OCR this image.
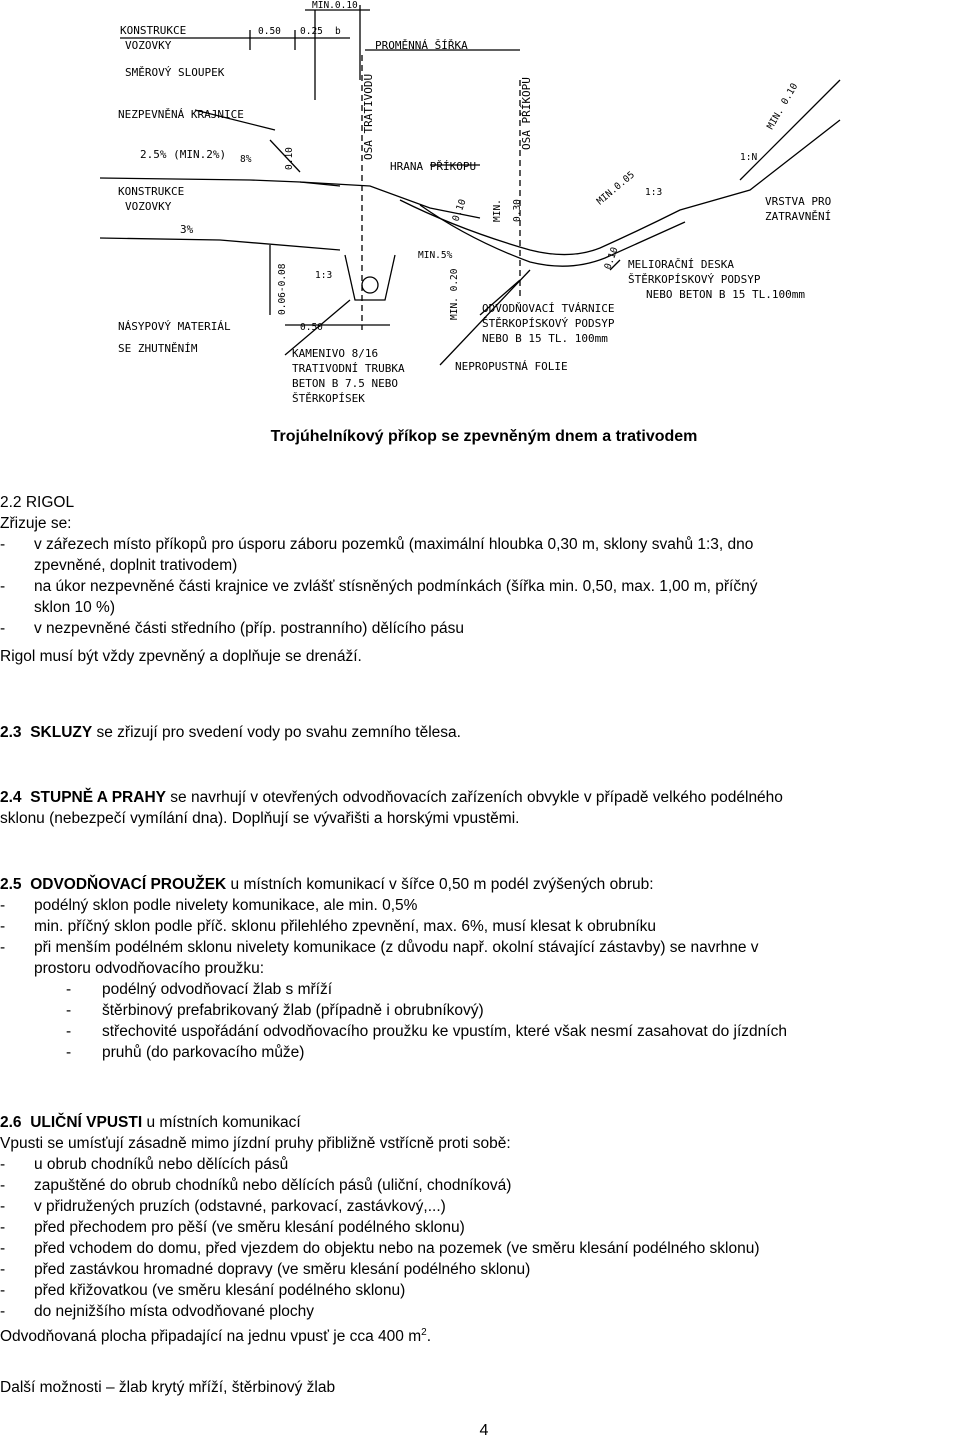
KONSTRUKCE
VOZOVKY
0.50 0.25 b
MIN.0.10
PROMĚNNÁ ŠÍŘKA
SMĚROVÝ SLOUPEK
OSA TRATIVODU	OSA PŘÍKOPU
NEZPEVNĚNÁ KRAJNICE
2.5% (MIN.2%) 8%	0.10	HRANA PŘÍKOPU
MIN. 0.10
KONSTRUKCE
VOZOVKY
3%
1:N
0.10 MIN. 0.30
MIN.0.05 1:3
VRSTVA PRO
ZATRAVNĚNÍ
0.06-0.08	1:3
MIN.5%	0.10 MELIORAČNÍ DESKA
ŠTĚRKOPÍSKOVÝ PODSYP
NEBO BETON B 15 TL.100mm
MIN. 0.20
NÁSYPOVÝ MATERIÁL
SE ZHUTNĚNÍM
0.50
ODVODŇOVACÍ TVÁRNICE
ŠTĚRKOPÍSKOVÝ PODSYP
NEBO B 15 TL. 100mm
KAMENIVO 8/16
TRATIVODNÍ TRUBKA
BETON B 7.5 NEBO
ŠTĚRKOPÍSEK
NEPROPUSTNÁ FOLIE
Trojúhelníkový příkop se zpevněným dnem a trativodem
2.2 RIGOL
Zřizuje se:
- v zářezech místo příkopů pro úsporu záboru pozemků (maximální hloubka 0,30 m, sklony svahů 1:3, dno
zpevněné, doplnit trativodem)
- na úkor nezpevněné části krajnice ve zvlášť stísněných podmínkách (šířka min. 0,50, max. 1,00 m, příčný
sklon 10 %)
- v nezpevněné části středního (příp. postranního) dělícího pásu
Rigol musí být vždy zpevněný a doplňuje se drenáží.
2.3 SKLUZY se zřizují pro svedení vody po svahu zemního tělesa.
2.4 STUPNĚ A PRAHY se navrhují v otevřených odvodňovacích zařízeních obvykle v případě velkého podélného
sklonu (nebezpečí vymílání dna). Doplňují se vývařišti a horskými vpustěmi.
2.5 ODVODŇOVACÍ PROUŽEK u místních komunikací v šířce 0,50 m podél zvýšených obrub:
- podélný sklon podle nivelety komunikace, ale min. 0,5%
- min. příčný sklon podle příč. sklonu přilehlého zpevnění, max. 6%, musí klesat k obrubníku
- při menším podélném sklonu nivelety komunikace (z důvodu např. okolní stávající zástavby) se navrhne v
prostoru odvodňovacího proužku:
- podélný odvodňovací žlab s mříží
- štěrbinový prefabrikovaný žlab (případně i obrubníkový)
- střechovité uspořádání odvodňovacího proužku ke vpustím, které však nesmí zasahovat do jízdních
- pruhů (do parkovacího může)
2.6 ULIČNÍ VPUSTI u místních komunikací
Vpusti se umísťují zásadně mimo jízdní pruhy přibližně vstřícně proti sobě:
- u obrub chodníků nebo dělících pásů
- zapuštěné do obrub chodníků nebo dělících pásů (uliční, chodníková)
- v přidružených pruzích (odstavné, parkovací, zastávkový,...)
- před přechodem pro pěší (ve směru klesání podélného sklonu)
- před vchodem do domu, před vjezdem do objektu nebo na pozemek (ve směru klesání podélného sklonu)
- před zastávkou hromadné dopravy (ve směru klesání podélného sklonu)
- před křižovatkou (ve směru klesání podélného sklonu)
- do nejnižšího místa odvodňované plochy
Odvodňovaná plocha připadající na jednu vpusť je cca 400 $m^2$.
Další možnosti – žlab krytý mříží, štěrbinový žlab
4
